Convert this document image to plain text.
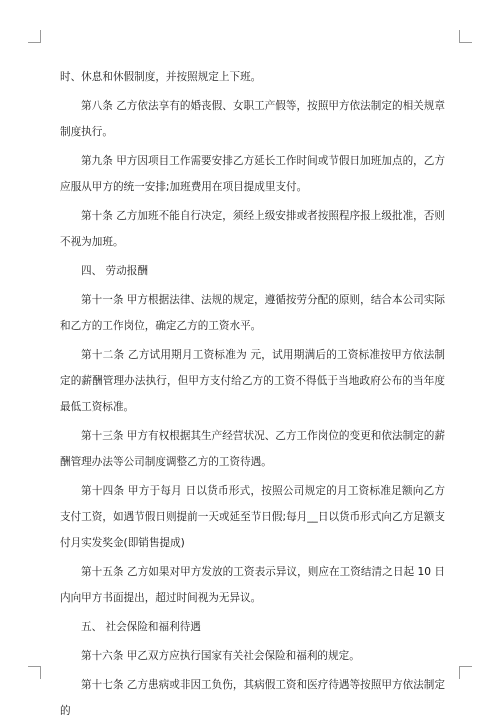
时、休息和休假制度，并按照规定上下班。

第八条 乙方依法享有的婚丧假、女职工产假等，按照甲方依法制定的相关规章制度执行。

第九条 甲方因项目工作需要安排乙方延长工作时间或节假日加班加点的，乙方应服从甲方的统一安排;加班费用在项目提成里支付。

第十条 乙方加班不能自行决定，须经上级安排或者按照程序报上级批准，否则不视为加班。

四、 劳动报酬

第十一条 甲方根据法律、法规的规定，遵循按劳分配的原则，结合本公司实际和乙方的工作岗位，确定乙方的工资水平。

第十二条 乙方试用期月工资标准为 元，试用期满后的工资标准按甲方依法制定的薪酬管理办法执行，但甲方支付给乙方的工资不得低于当地政府公布的当年度最低工资标准。

第十三条 甲方有权根据其生产经营状况、乙方工作岗位的变更和依法制定的薪酬管理办法等公司制度调整乙方的工资待遇。

第十四条 甲方于每月 日以货币形式，按照公司规定的月工资标准足额向乙方支付工资，如遇节假日则提前一天或延至节日假;每月__日以货币形式向乙方足额支付月实发奖金(即销售提成)

第十五条 乙方如果对甲方发放的工资表示异议，则应在工资结清之日起 10 日内向甲方书面提出，超过时间视为无异议。

五、 社会保险和福利待遇

第十六条 甲乙双方应执行国家有关社会保险和福利的规定。

第十七条 乙方患病或非因工负伤，其病假工资和医疗待遇等按照甲方依法制定的
